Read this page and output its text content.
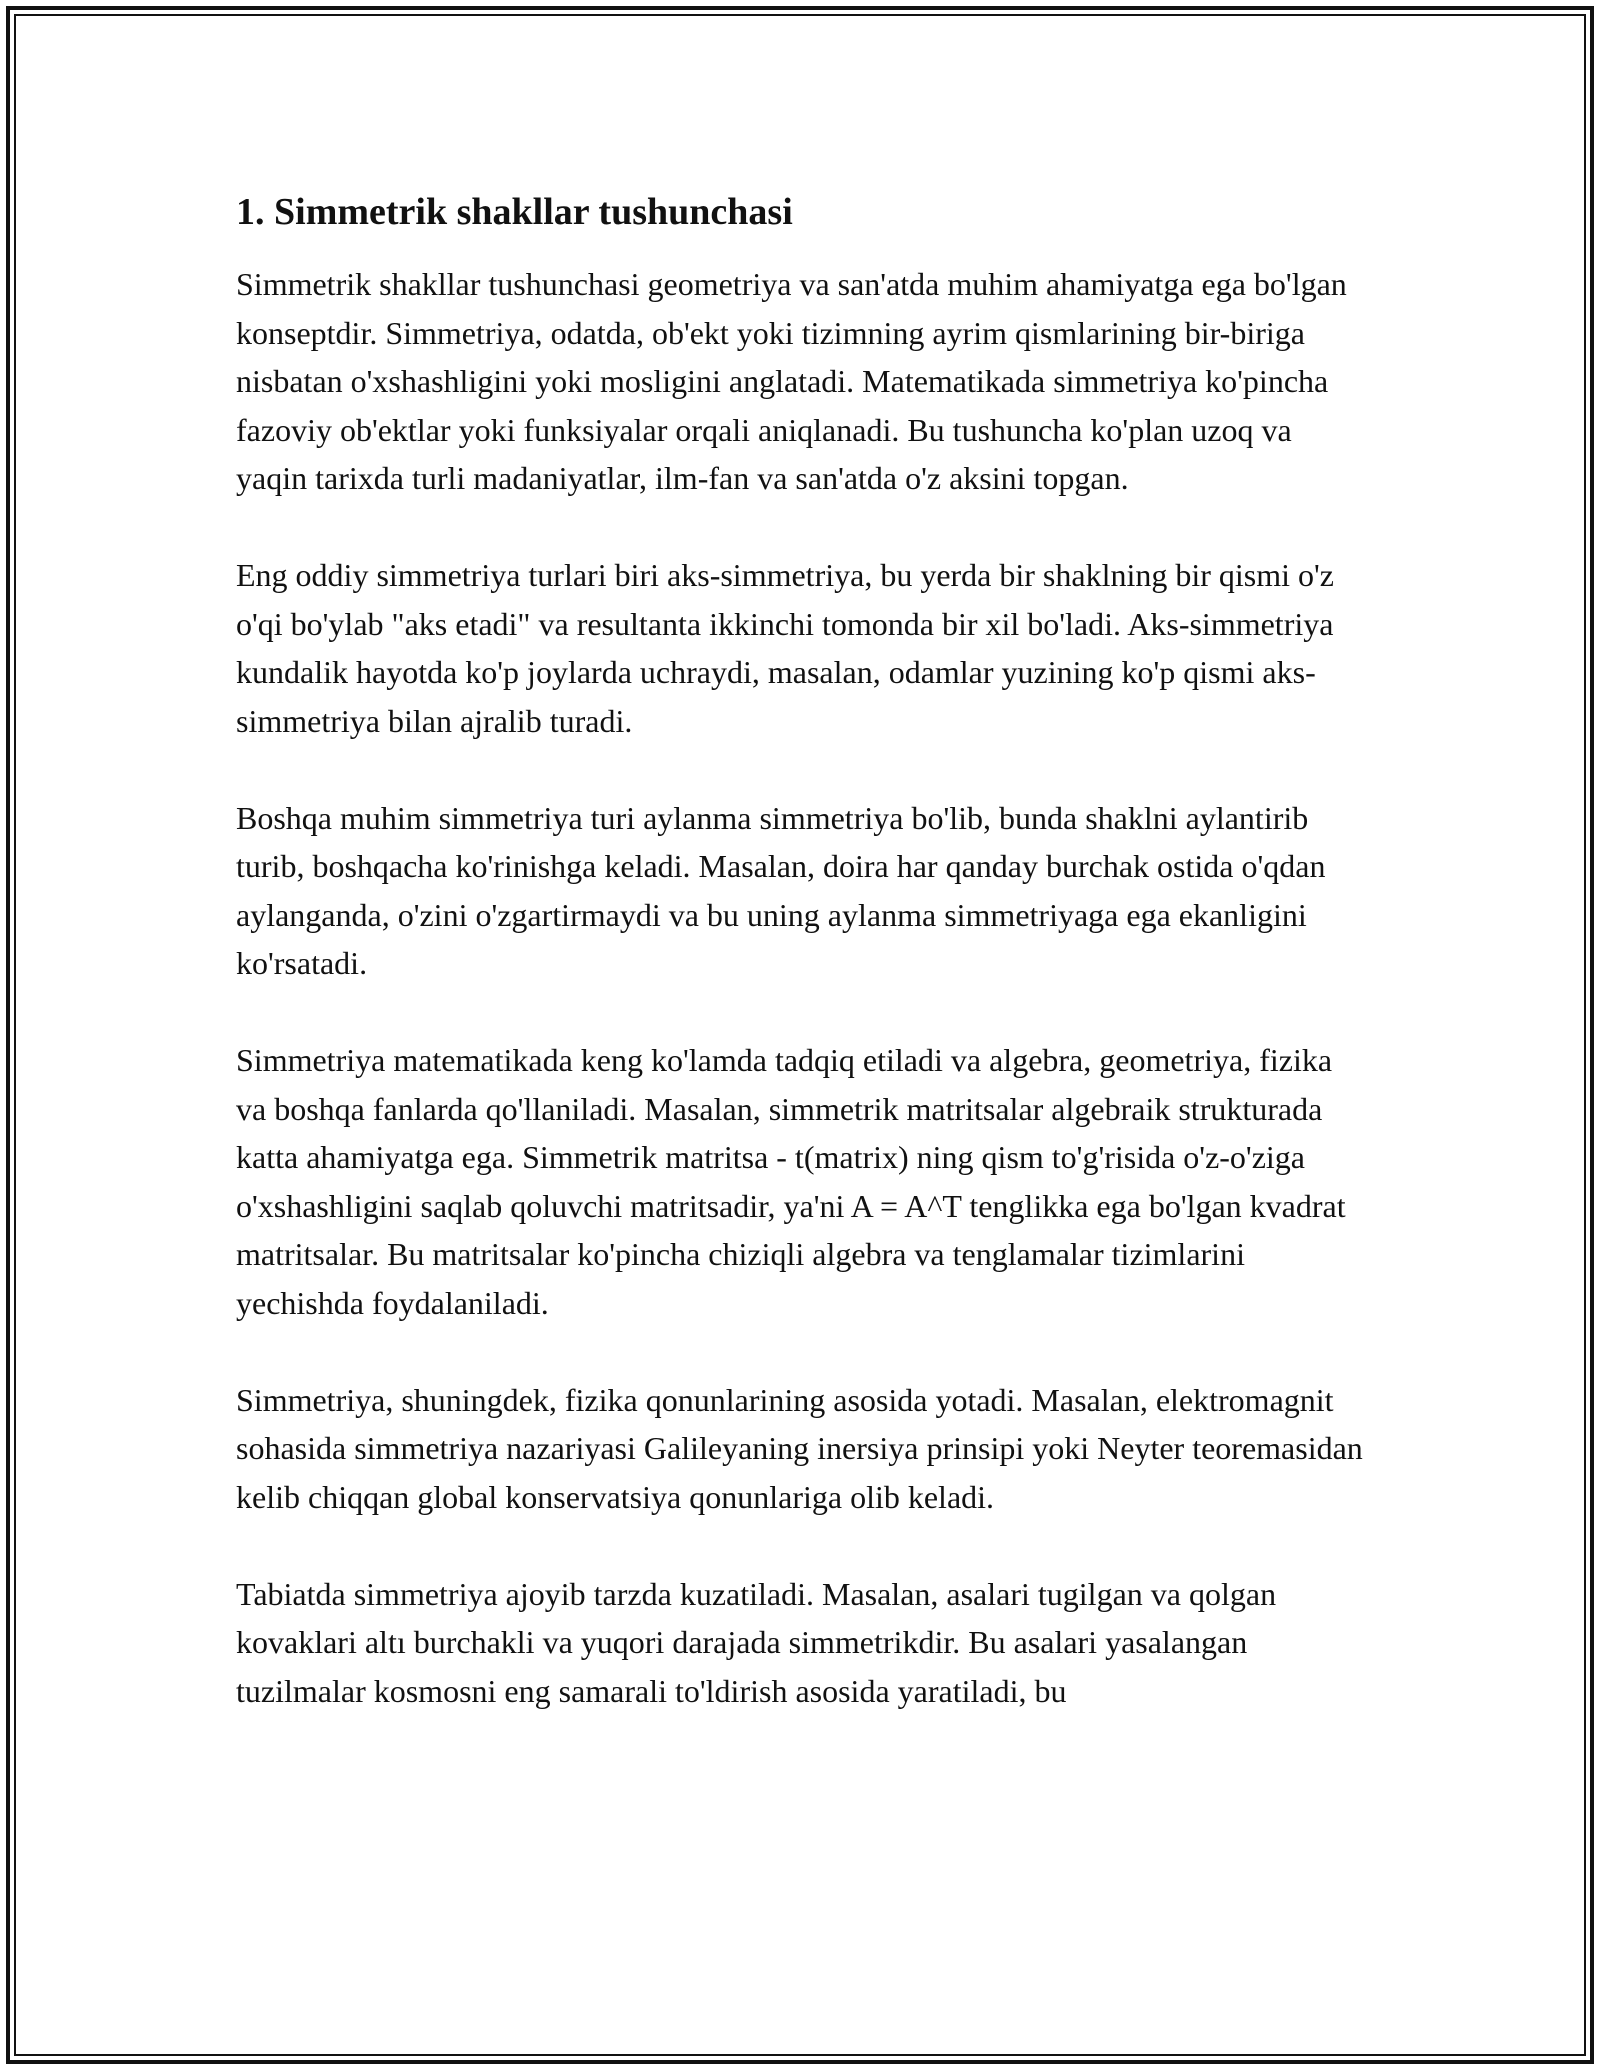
1. Simmetrik shakllar tushunchasi

Simmetrik shakllar tushunchasi geometriya va san'atda muhim ahamiyatga ega bo'lgan konseptdir. Simmetriya, odatda, ob'ekt yoki tizimning ayrim qismlarining bir-biriga nisbatan o'xshashligini yoki mosligini anglatadi. Matematikada simmetriya ko'pincha fazoviy ob'ektlar yoki funksiyalar orqali aniqlanadi. Bu tushuncha ko'plan uzoq va yaqin tarixda turli madaniyatlar, ilm-fan va san'atda o'z aksini topgan.

Eng oddiy simmetriya turlari biri aks-simmetriya, bu yerda bir shaklning bir qismi o'z o'qi bo'ylab "aks etadi" va resultanta ikkinchi tomonda bir xil bo'ladi. Aks-simmetriya kundalik hayotda ko'p joylarda uchraydi, masalan, odamlar yuzining ko'p qismi aks-simmetriya bilan ajralib turadi.

Boshqa muhim simmetriya turi aylanma simmetriya bo'lib, bunda shaklni aylantirib turib, boshqacha ko'rinishga keladi. Masalan, doira har qanday burchak ostida o'qdan aylanganda, o'zini o'zgartirmaydi va bu uning aylanma simmetriyaga ega ekanligini ko'rsatadi.

Simmetriya matematikada keng ko'lamda tadqiq etiladi va algebra, geometriya, fizika va boshqa fanlarda qo'llaniladi. Masalan, simmetrik matritsalar algebraik strukturada katta ahamiyatga ega. Simmetrik matritsa - t(matrix) ning qism to'g'risida o'z-o'ziga o'xshashligini saqlab qoluvchi matritsadir, ya'ni A = A^T tenglikka ega bo'lgan kvadrat matritsalar. Bu matritsalar ko'pincha chiziqli algebra va tenglamalar tizimlarini yechishda foydalaniladi.

Simmetriya, shuningdek, fizika qonunlarining asosida yotadi. Masalan, elektromagnit sohasida simmetriya nazariyasi Galileyaning inersiya prinsipi yoki Neyter teoremasidan kelib chiqqan global konservatsiya qonunlariga olib keladi.

Tabiatda simmetriya ajoyib tarzda kuzatiladi. Masalan, asalari tugilgan va qolgan kovaklari altı burchakli va yuqori darajada simmetrikdir. Bu asalari yasalangan tuzilmalar kosmosni eng samarali to'ldirish asosida yaratiladi, bu
